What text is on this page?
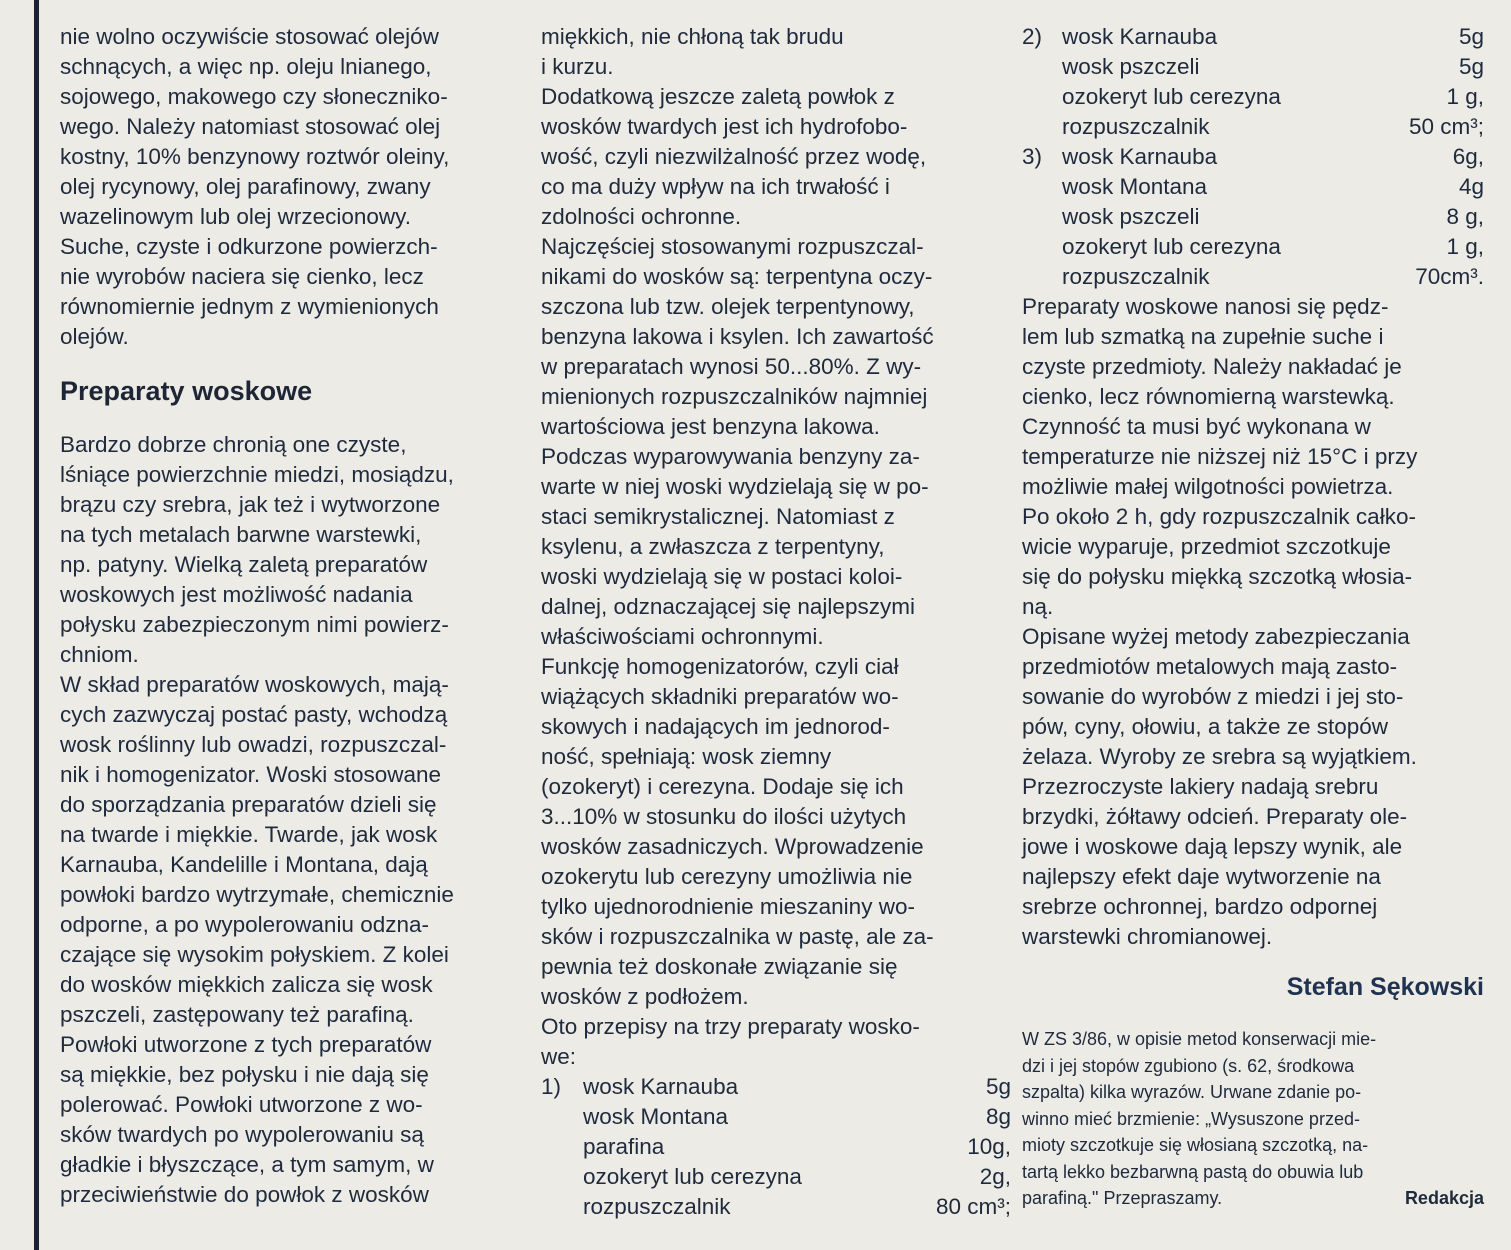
nie wolno oczywiście stosować olejów
schnących, a więc np. oleju lnianego,
sojowego, makowego czy słoneczniko-
wego. Należy natomiast stosować olej
kostny, 10% benzynowy roztwór oleiny,
olej rycynowy, olej parafinowy, zwany
wazelinowym lub olej wrzecionowy.
Suche, czyste i odkurzone powierzch-
nie wyrobów naciera się cienko, lecz
równomiernie jednym z wymienionych
olejów.
Preparaty woskowe
Bardzo dobrze chronią one czyste,
lśniące powierzchnie miedzi, mosiądzu,
brązu czy srebra, jak też i wytworzone
na tych metalach barwne warstewki,
np. patyny. Wielką zaletą preparatów
woskowych jest możliwość nadania
połysku zabezpieczonym nimi powierz-
chniom.
W skład preparatów woskowych, mają-
cych zazwyczaj postać pasty, wchodzą
wosk roślinny lub owadzi, rozpuszczal-
nik i homogenizator. Woski stosowane
do sporządzania preparatów dzieli się
na twarde i miękkie. Twarde, jak wosk
Karnauba, Kandelille i Montana, dają
powłoki bardzo wytrzymałe, chemicznie
odporne, a po wypolerowaniu odzna-
czające się wysokim połyskiem. Z kolei
do wosków miękkich zalicza się wosk
pszczeli, zastępowany też parafiną.
Powłoki utworzone z tych preparatów
są miękkie, bez połysku i nie dają się
polerować. Powłoki utworzone z wo-
sków twardych po wypolerowaniu są
gładkie i błyszczące, a tym samym, w
przeciwieństwie do powłok z wosków
miękkich, nie chłoną tak brudu
i kurzu.
Dodatkową jeszcze zaletą powłok z
wosków twardych jest ich hydrofobo-
wość, czyli niezwilżalność przez wodę,
co ma duży wpływ na ich trwałość i
zdolności ochronne.
Najczęściej stosowanymi rozpuszczal-
nikami do wosków są: terpentyna oczy-
szczona lub tzw. olejek terpentynowy,
benzyna lakowa i ksylen. Ich zawartość
w preparatach wynosi 50...80%. Z wy-
mienionych rozpuszczalników najmniej
wartościowa jest benzyna lakowa.
Podczas wyparowywania benzyny za-
warte w niej woski wydzielają się w po-
staci semikrystalicznej. Natomiast z
ksylenu, a zwłaszcza z terpentyny,
woski wydzielają się w postaci koloi-
dalnej, odznaczającej się najlepszymi
właściwościami ochronnymi.
Funkcję homogenizatorów, czyli ciał
wiążących składniki preparatów wo-
skowych i nadających im jednorod-
ność, spełniają: wosk ziemny
(ozokeryt) i cerezyna. Dodaje się ich
3...10% w stosunku do ilości użytych
wosków zasadniczych. Wprowadzenie
ozokerytu lub cerezyny umożliwia nie
tylko ujednorodnienie mieszaniny wo-
sków i rozpuszczalnika w pastę, ale za-
pewnia też doskonałe związanie się
wosków z podłożem.
Oto przepisy na trzy preparaty wosko-
we:
1) wosk Karnauba	5g
wosk Montana	8g
parafina	10g,
ozokeryt lub cerezyna	2g,
rozpuszczalnik	80 cm³;
2) wosk Karnauba	5g
wosk pszczeli	5g
ozokeryt lub cerezyna	1 g,
rozpuszczalnik	50 cm³;
3) wosk Karnauba	6g,
wosk Montana	4g
wosk pszczeli	8 g,
ozokeryt lub cerezyna	1 g,
rozpuszczalnik	70cm³.
Preparaty woskowe nanosi się pędz-
lem lub szmatką na zupełnie suche i
czyste przedmioty. Należy nakładać je
cienko, lecz równomierną warstewką.
Czynność ta musi być wykonana w
temperaturze nie niższej niż 15°C i przy
możliwie małej wilgotności powietrza.
Po około 2 h, gdy rozpuszczalnik całko-
wicie wyparuje, przedmiot szczotkuje
się do połysku miękką szczotką włosia-
ną.
Opisane wyżej metody zabezpieczania
przedmiotów metalowych mają zasto-
sowanie do wyrobów z miedzi i jej sto-
pów, cyny, ołowiu, a także ze stopów
żelaza. Wyroby ze srebra są wyjątkiem.
Przezroczyste lakiery nadają srebru
brzydki, żółtawy odcień. Preparaty ole-
jowe i woskowe dają lepszy wynik, ale
najlepszy efekt daje wytworzenie na
srebrze ochronnej, bardzo odpornej
warstewki chromianowej.
Stefan Sękowski
W ZS 3/86, w opisie metod konserwacji mie-
dzi i jej stopów zgubiono (s. 62, środkowa
szpalta) kilka wyrazów. Urwane zdanie po-
winno mieć brzmienie: „Wysuszone przed-
mioty szczotkuje się włosianą szczotką, na-
tartą lekko bezbarwną pastą do obuwia lub
parafiną." Przepraszamy.	Redakcja
